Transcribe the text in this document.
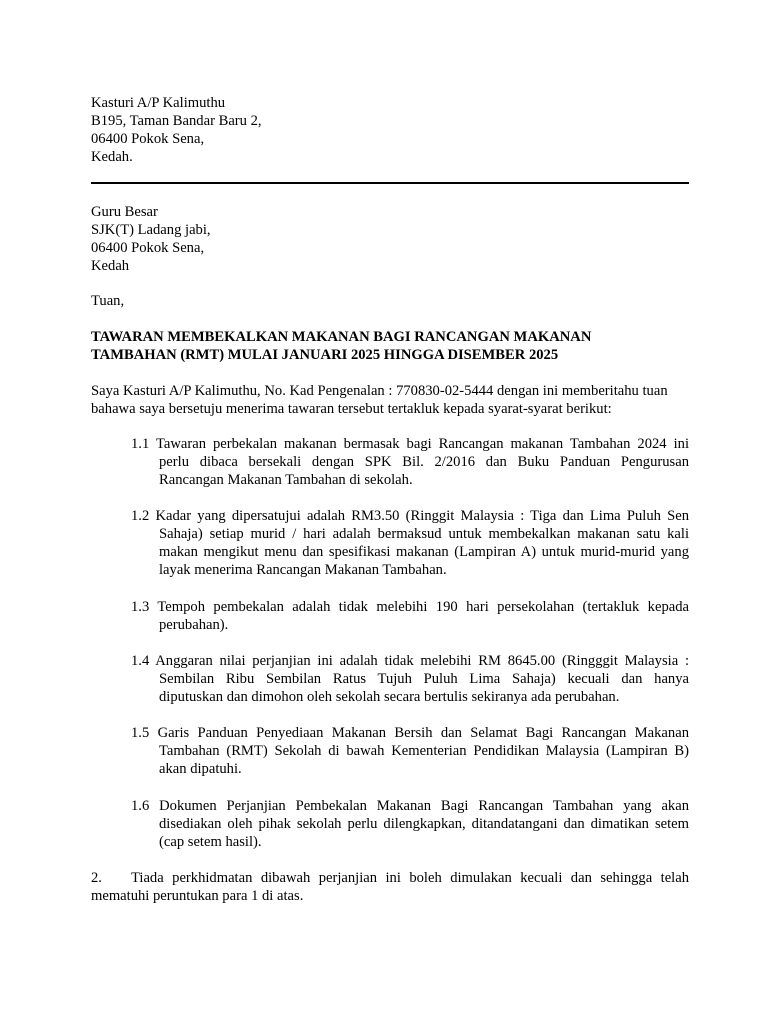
Kasturi A/P Kalimuthu
B195, Taman Bandar Baru 2,
06400 Pokok Sena,
Kedah.
Guru Besar
SJK(T) Ladang jabi,
06400 Pokok Sena,
Kedah
Tuan,
TAWARAN MEMBEKALKAN MAKANAN BAGI RANCANGAN MAKANAN
TAMBAHAN (RMT) MULAI JANUARI 2025 HINGGA DISEMBER 2025
Saya Kasturi A/P Kalimuthu, No. Kad Pengenalan : 770830-02-5444 dengan ini memberitahu tuan
bahawa saya bersetuju menerima tawaran tersebut tertakluk kepada syarat-syarat berikut:
1.1 Tawaran perbekalan makanan bermasak bagi Rancangan makanan Tambahan 2024 ini
perlu dibaca bersekali dengan SPK Bil. 2/2016 dan Buku Panduan Pengurusan
Rancangan Makanan Tambahan di sekolah.
1.2 Kadar yang dipersatujui adalah RM3.50 (Ringgit Malaysia : Tiga dan Lima Puluh Sen
Sahaja) setiap murid / hari adalah bermaksud untuk membekalkan makanan satu kali
makan mengikut menu dan spesifikasi makanan (Lampiran A) untuk murid-murid yang
layak menerima Rancangan Makanan Tambahan.
1.3 Tempoh pembekalan adalah tidak melebihi 190 hari persekolahan (tertakluk kepada
perubahan).
1.4 Anggaran nilai perjanjian ini adalah tidak melebihi RM 8645.00 (Ringggit Malaysia :
Sembilan Ribu Sembilan Ratus Tujuh Puluh Lima Sahaja) kecuali dan hanya
diputuskan dan dimohon oleh sekolah secara bertulis sekiranya ada perubahan.
1.5 Garis Panduan Penyediaan Makanan Bersih dan Selamat Bagi Rancangan Makanan
Tambahan (RMT) Sekolah di bawah Kementerian Pendidikan Malaysia (Lampiran B)
akan dipatuhi.
1.6 Dokumen Perjanjian Pembekalan Makanan Bagi Rancangan Tambahan yang akan
disediakan oleh pihak sekolah perlu dilengkapkan, ditandatangani dan dimatikan setem
(cap setem hasil).
2. Tiada perkhidmatan dibawah perjanjian ini boleh dimulakan kecuali dan sehingga telah
mematuhi peruntukan para 1 di atas.
